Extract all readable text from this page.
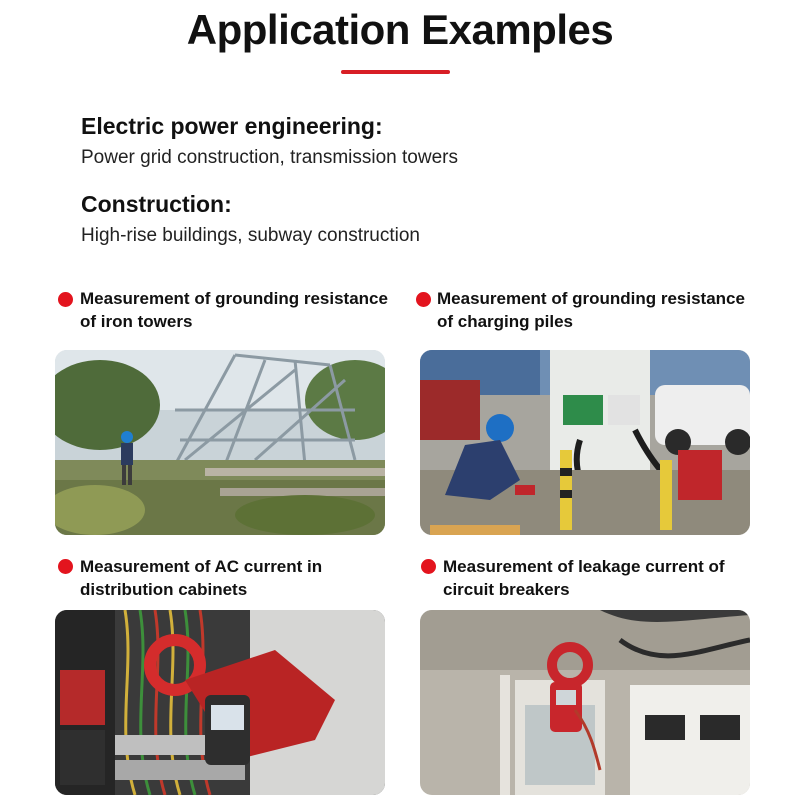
Application Examples
Electric power engineering:
Power grid construction, transmission towers
Construction:
High-rise buildings, subway construction
Measurement of grounding resistance
of iron towers
Measurement of grounding resistance
of charging piles
Measurement of AC current in
distribution cabinets
Measurement of leakage current of
circuit breakers
